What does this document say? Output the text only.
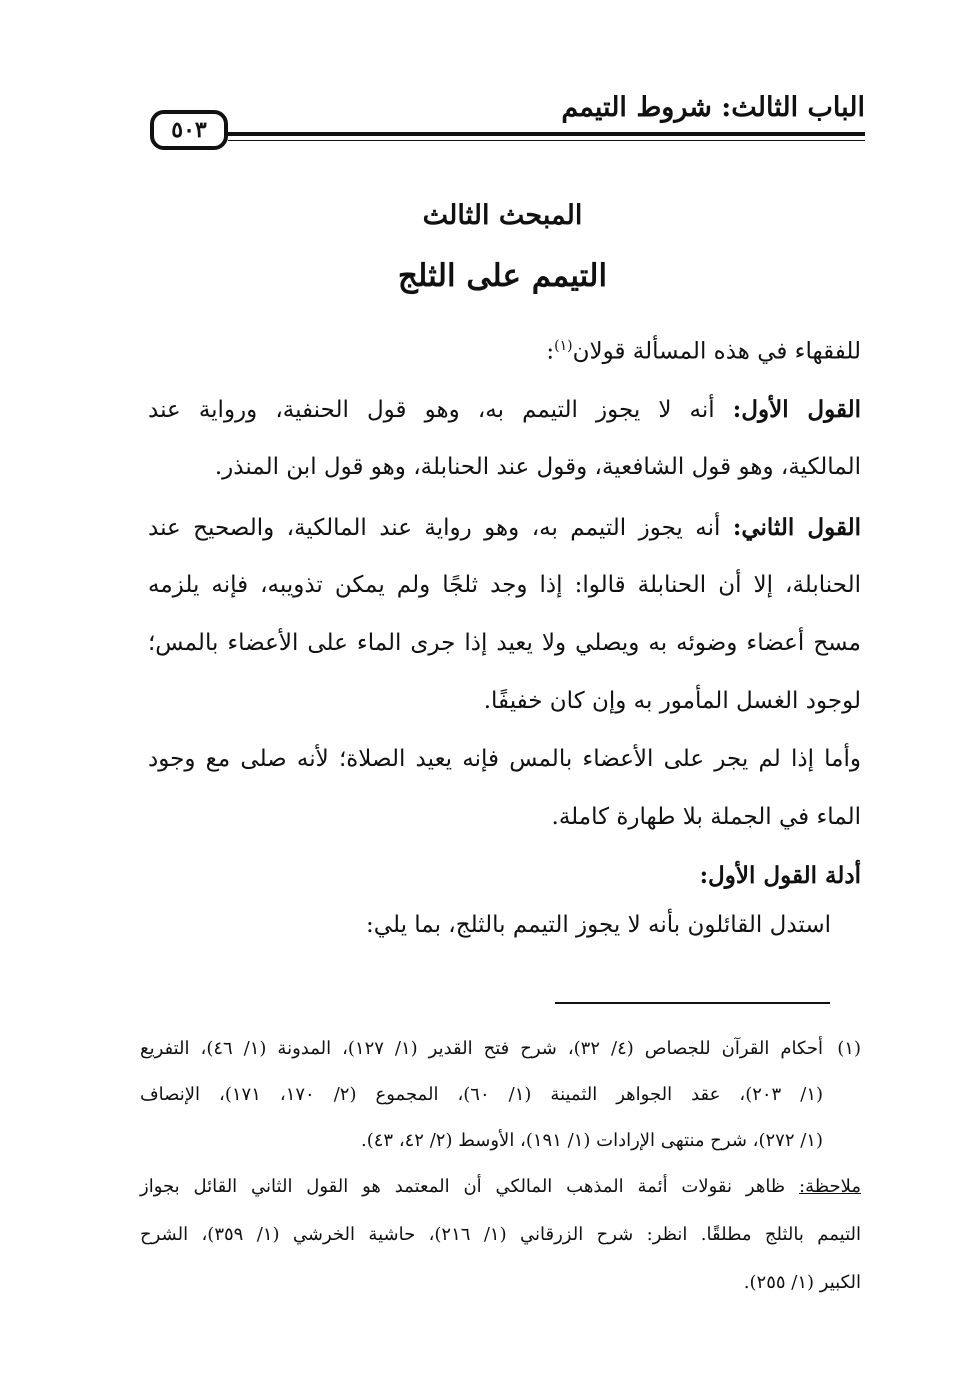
الباب الثالث: شروط التيمم
٥٠٣
المبحث الثالث
التيمم على الثلج
للفقهاء في هذه المسألة قولان$^{(١)}$:
القول الأول: أنه لا يجوز التيمم به، وهو قول الحنفية، ورواية عند
المالكية، وهو قول الشافعية، وقول عند الحنابلة، وهو قول ابن المنذر.
القول الثاني: أنه يجوز التيمم به، وهو رواية عند المالكية، والصحيح عند
الحنابلة، إلا أن الحنابلة قالوا: إذا وجد ثلجًا ولم يمكن تذويبه، فإنه يلزمه
مسح أعضاء وضوئه به ويصلي ولا يعيد إذا جرى الماء على الأعضاء بالمس؛
لوجود الغسل المأمور به وإن كان خفيفًا.
وأما إذا لم يجر على الأعضاء بالمس فإنه يعيد الصلاة؛ لأنه صلى مع وجود
الماء في الجملة بلا طهارة كاملة.
أدلة القول الأول:
استدل القائلون بأنه لا يجوز التيمم بالثلج، بما يلي:
(١)
أحكام القرآن للجصاص (٤/ ٣٢)، شرح فتح القدير (١/ ١٢٧)، المدونة (١/ ٤٦)، التفريع
(١/ ٢٠٣)، عقد الجواهر الثمينة (١/ ٦٠)، المجموع (٢/ ١٧٠، ١٧١)، الإنصاف
(١/ ٢٧٢)، شرح منتهى الإرادات (١/ ١٩١)، الأوسط (٢/ ٤٢، ٤٣).
ملاحظة: ظاهر نقولات أئمة المذهب المالكي أن المعتمد هو القول الثاني القائل بجواز
التيمم بالثلج مطلقًا. انظر: شرح الزرقاني (١/ ٢١٦)، حاشية الخرشي (١/ ٣٥٩)، الشرح
الكبير (١/ ٢٥٥).
